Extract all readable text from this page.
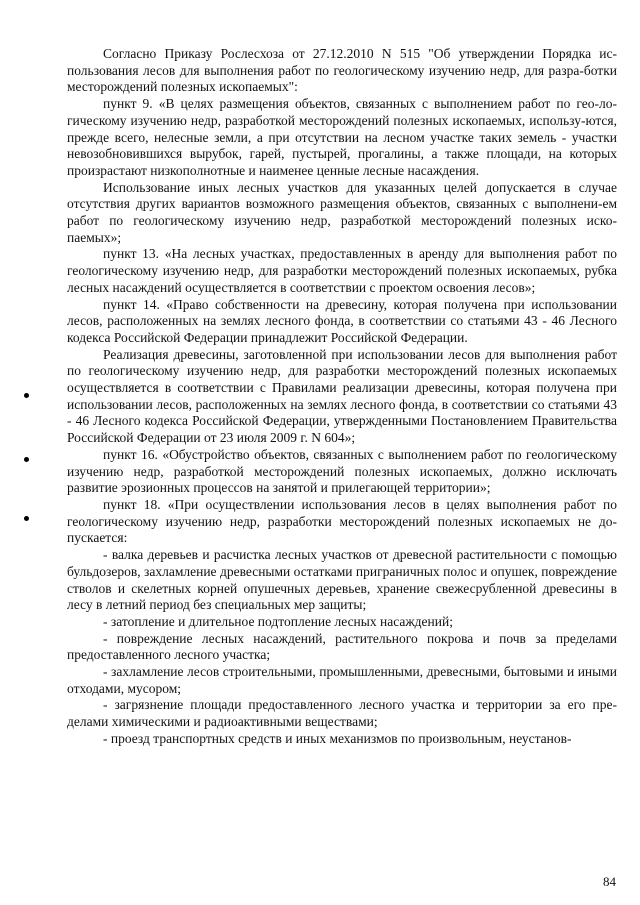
Согласно Приказу Рослесхоза от 27.12.2010 N 515 "Об утверждении Порядка ис-пользования лесов для выполнения работ по геологическому изучению недр, для разра-ботки месторождений полезных ископаемых":

пункт 9. «В целях размещения объектов, связанных с выполнением работ по гео-ло-гическому изучению недр, разработкой месторождений полезных ископаемых, использу-ются, прежде всего, нелесные земли, а при отсутствии на лесном участке таких земель - участки невозобновившихся вырубок, гарей, пустырей, прогалины, а также площади, на которых произрастают низкополнотные и наименее ценные лесные насаждения.

Использование иных лесных участков для указанных целей допускается в случае отсутствия других вариантов возможного размещения объектов, связанных с выполнени-ем работ по геологическому изучению недр, разработкой месторождений полезных иско-паемых»;

пункт 13. «На лесных участках, предоставленных в аренду для выполнения работ по геологическому изучению недр, для разработки месторождений полезных ископаемых, рубка лесных насаждений осуществляется в соответствии с проектом освоения лесов»;

пункт 14. «Право собственности на древесину, которая получена при использовании лесов, расположенных на землях лесного фонда, в соответствии со статьями 43 - 46 Лесного кодекса Российской Федерации принадлежит Российской Федерации.

Реализация древесины, заготовленной при использовании лесов для выполнения работ по геологическому изучению недр, для разработки месторождений полезных ископаемых осуществляется в соответствии с Правилами реализации древесины, которая получена при использовании лесов, расположенных на землях лесного фонда, в соответствии со статьями 43 - 46 Лесного кодекса Российской Федерации, утвержденными Постановлением Правительства Российской Федерации от 23 июля 2009 г. N 604»;

пункт 16. «Обустройство объектов, связанных с выполнением работ по геологическому изучению недр, разработкой месторождений полезных ископаемых, должно исключать развитие эрозионных процессов на занятой и прилегающей территории»;

пункт 18. «При осуществлении использования лесов в целях выполнения работ по геологическому изучению недр, разработки месторождений полезных ископаемых не до-пускается:

- валка деревьев и расчистка лесных участков от древесной растительности с помощью бульдозеров, захламление древесными остатками приграничных полос и опушек, повреждение стволов и скелетных корней опушечных деревьев, хранение свежесрубленной древесины в лесу в летний период без специальных мер защиты;

- затопление и длительное подтопление лесных насаждений;

- повреждение лесных насаждений, растительного покрова и почв за пределами предоставленного лесного участка;

- захламление лесов строительными, промышленными, древесными, бытовыми и иными отходами, мусором;

- загрязнение площади предоставленного лесного участка и территории за его пре-делами химическими и радиоактивными веществами;

- проезд транспортных средств и иных механизмов по произвольным, неустанов-

84
